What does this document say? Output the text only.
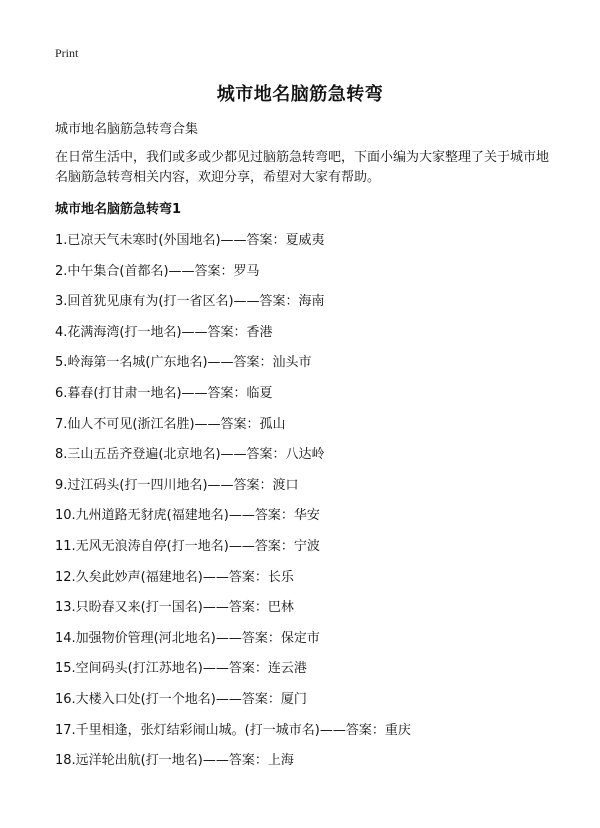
Print
城市地名脑筋急转弯
城市地名脑筋急转弯合集
在日常生活中，我们或多或少都见过脑筋急转弯吧，下面小编为大家整理了关于城市地名脑筋急转弯相关内容，欢迎分享，希望对大家有帮助。
城市地名脑筋急转弯1
1.已凉天气未寒时(外国地名)——答案：夏威夷
2.中午集合(首都名)——答案：罗马
3.回首犹见康有为(打一省区名)——答案：海南
4.花满海湾(打一地名)——答案：香港
5.岭海第一名城(广东地名)——答案：汕头市
6.暮春(打甘肃一地名)——答案：临夏
7.仙人不可见(浙江名胜)——答案：孤山
8.三山五岳齐登遍(北京地名)——答案：八达岭
9.过江码头(打一四川地名)——答案：渡口
10.九州道路无豺虎(福建地名)——答案：华安
11.无风无浪涛自停(打一地名)——答案：宁波
12.久矣此妙声(福建地名)——答案：长乐
13.只盼春又来(打一国名)——答案：巴林
14.加强物价管理(河北地名)——答案：保定市
15.空间码头(打江苏地名)——答案：连云港
16.大楼入口处(打一个地名)——答案：厦门
17.千里相逢，张灯结彩闹山城。(打一城市名)——答案：重庆
18.远洋轮出航(打一地名)——答案：上海
